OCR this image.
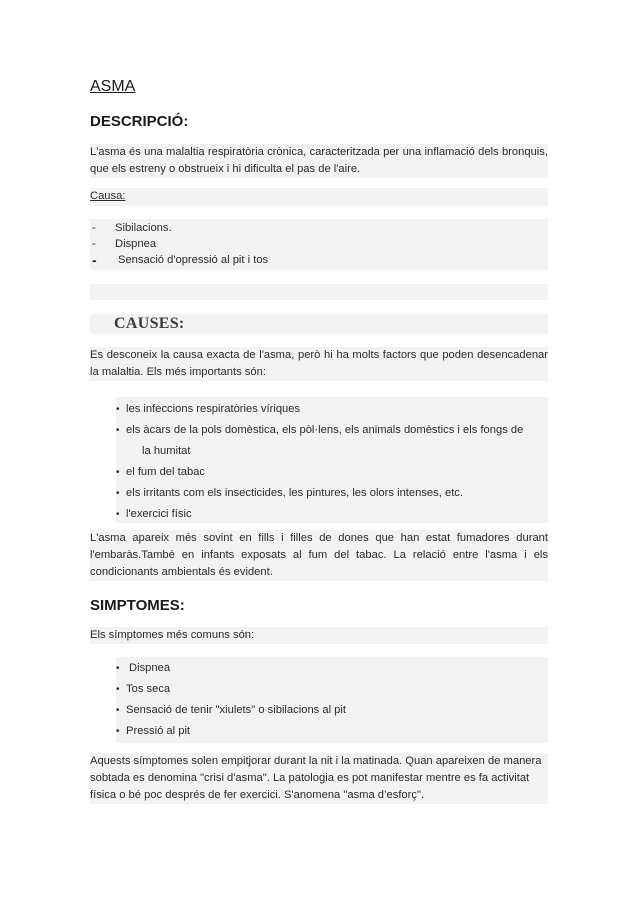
ASMA
DESCRIPCIÓ:
L'asma és una malaltia respiratòria crònica, caracteritzada per una inflamació dels bronquis, que els estreny o obstrueix i hi dificulta el pas de l'aire.
Causa:
- Sibilacions.
- Dispnea
- Sensació d'opressió al pit i tos
CAUSES:
Es desconeix la causa exacta de l'asma, però hi ha molts factors que poden desencadenar la malaltia. Els més importants són:
• les infeccions respiratòries víriques
• els àcars de la pols domèstica, els pòl·lens, els animals domèstics i els fongs de
la humitat
• el fum del tabac
• els irritants com els insecticides, les pintures, les olors intenses, etc.
• l'exercici físic
L'asma apareix més sovint en fills i filles de dones que han estat fumadores durant l'embaràs.També en infants exposats al fum del tabac. La relació entre l'asma i els condicionants ambientals és evident.
SIMPTOMES:
Els símptomes més comuns són:
• Dispnea
• Tos seca
• Sensació de tenir "xiulets" o sibilacions al pit
• Pressió al pit
Aquests símptomes solen empitjorar durant la nit i la matinada. Quan apareixen de manera sobtada es denomina "crisi d'asma". La patologia es pot manifestar mentre es fa activitat física o bé poc després de fer exercici. S'anomena "asma d’esforç".
